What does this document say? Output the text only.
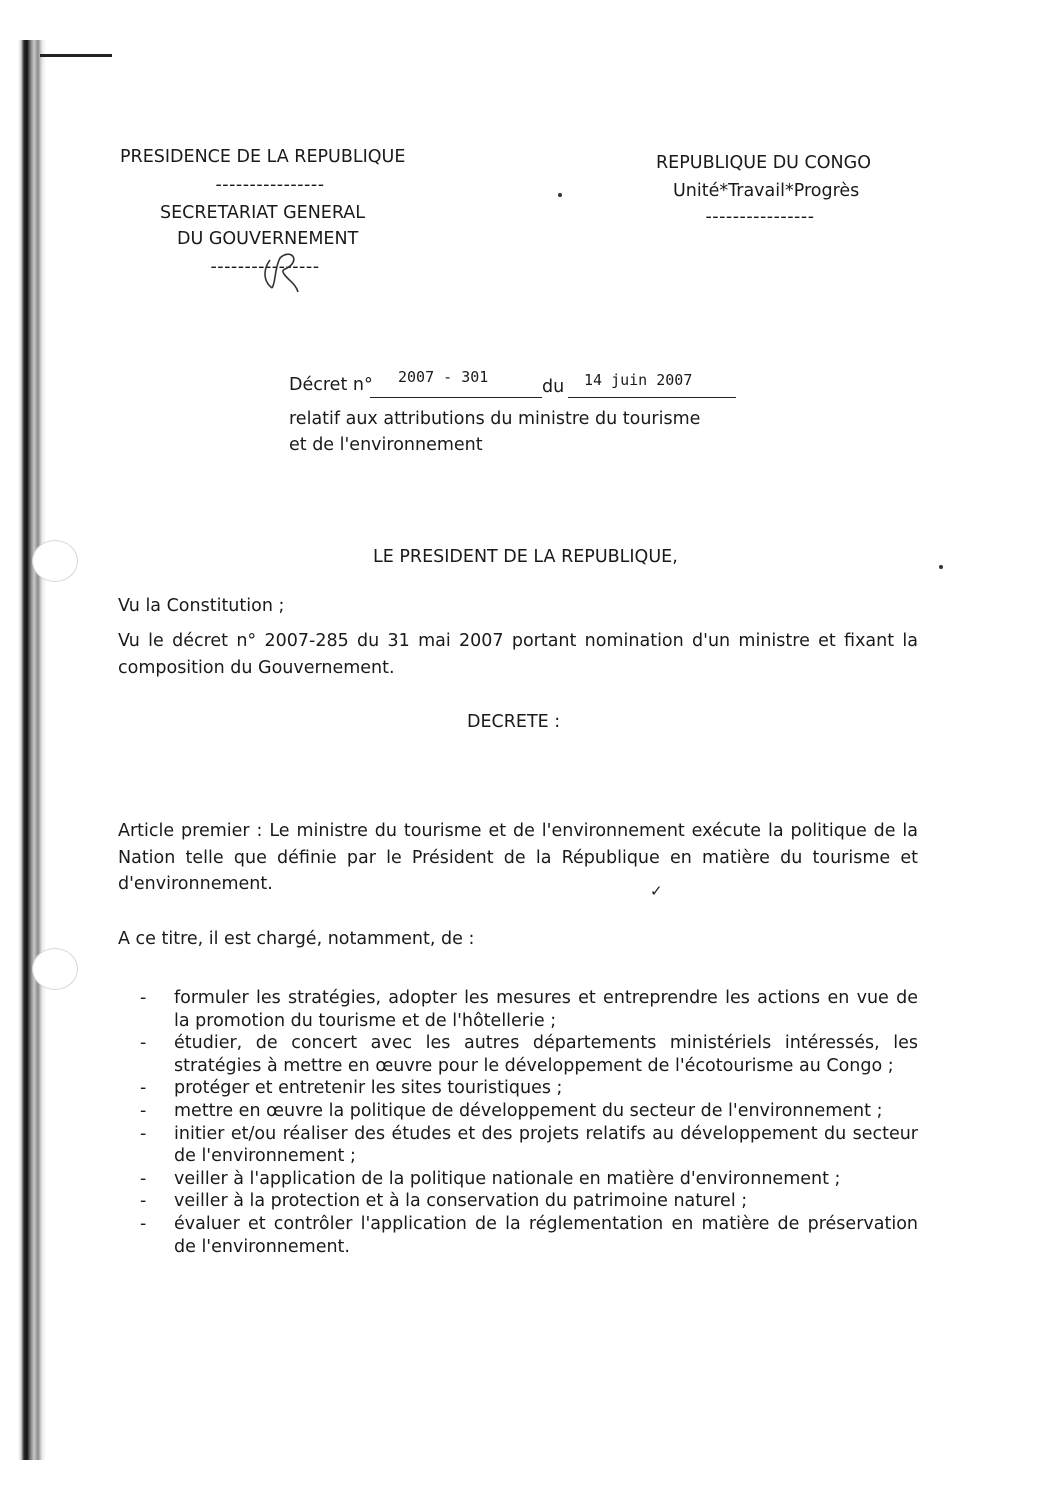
PRESIDENCE DE LA REPUBLIQUE
----------------
SECRETARIAT GENERAL
DU GOUVERNEMENT
----------------
REPUBLIQUE DU CONGO
Unité*Travail*Progrès
----------------
Décret n° 2007 - 301	du 14 juin 2007
relatif aux attributions du ministre du tourisme
et de l'environnement
LE PRESIDENT DE LA REPUBLIQUE,
Vu la Constitution ;
Vu le décret n° 2007-285 du 31 mai 2007 portant nomination d'un ministre et fixant la composition du Gouvernement.
DECRETE :
Article premier : Le ministre du tourisme et de l'environnement exécute la politique de la Nation telle que définie par le Président de la République en matière du tourisme et d'environnement.	✓
A ce titre, il est chargé, notamment, de :
- formuler les stratégies, adopter les mesures et entreprendre les actions en vue de la promotion du tourisme et de l'hôtellerie ;
- étudier, de concert avec les autres départements ministériels intéressés, les stratégies à mettre en œuvre pour le développement de l'écotourisme au Congo ;
- protéger et entretenir les sites touristiques ;
- mettre en œuvre la politique de développement du secteur de l'environnement ;
- initier et/ou réaliser des études et des projets relatifs au développement du secteur de l'environnement ;
- veiller à l'application de la politique nationale en matière d'environnement ;
- veiller à la protection et à la conservation du patrimoine naturel ;
- évaluer et contrôler l'application de la réglementation en matière de préservation de l'environnement.
